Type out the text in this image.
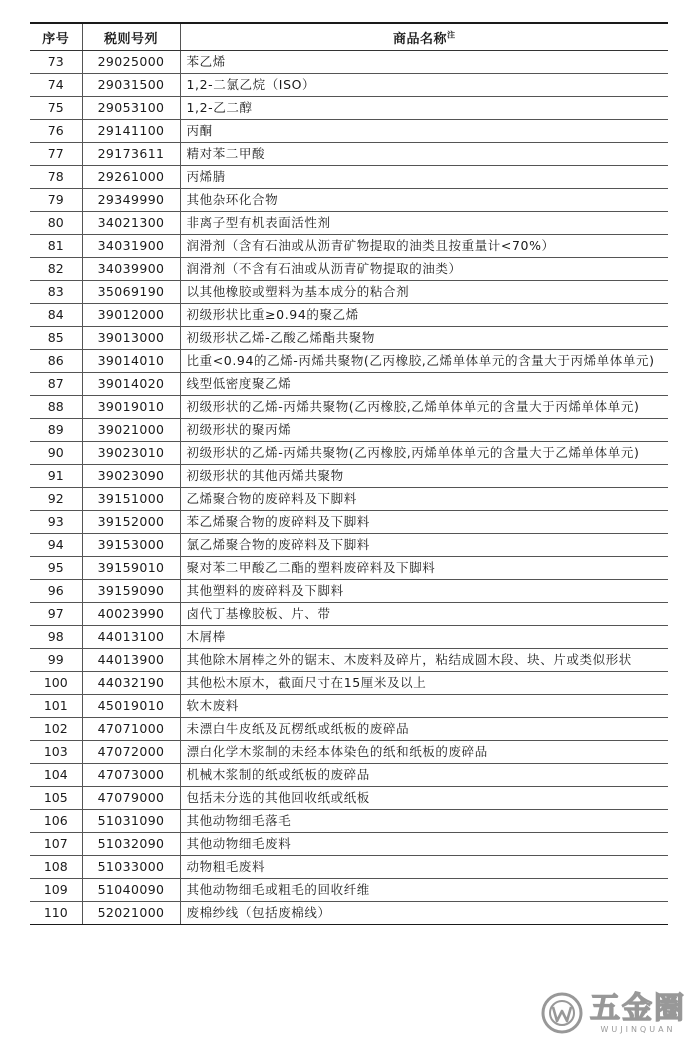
序号	税则号列	商品名称$^注$
73	29025000	苯乙烯
74	29031500	1,2-二氯乙烷（ISO）
75	29053100	1,2-乙二醇
76	29141100	丙酮
77	29173611	精对苯二甲酸
78	29261000	丙烯腈
79	29349990	其他杂环化合物
80	34021300	非离子型有机表面活性剂
81	34031900	润滑剂（含有石油或从沥青矿物提取的油类且按重量计<70%）
82	34039900	润滑剂（不含有石油或从沥青矿物提取的油类）
83	35069190	以其他橡胶或塑料为基本成分的粘合剂
84	39012000	初级形状比重≥0.94的聚乙烯
85	39013000	初级形状乙烯-乙酸乙烯酯共聚物
86	39014010	比重<0.94的乙烯-丙烯共聚物(乙丙橡胶,乙烯单体单元的含量大于丙烯单体单元)
87	39014020	线型低密度聚乙烯
88	39019010	初级形状的乙烯-丙烯共聚物(乙丙橡胶,乙烯单体单元的含量大于丙烯单体单元)
89	39021000	初级形状的聚丙烯
90	39023010	初级形状的乙烯-丙烯共聚物(乙丙橡胶,丙烯单体单元的含量大于乙烯单体单元)
91	39023090	初级形状的其他丙烯共聚物
92	39151000	乙烯聚合物的废碎料及下脚料
93	39152000	苯乙烯聚合物的废碎料及下脚料
94	39153000	氯乙烯聚合物的废碎料及下脚料
95	39159010	聚对苯二甲酸乙二酯的塑料废碎料及下脚料
96	39159090	其他塑料的废碎料及下脚料
97	40023990	卤代丁基橡胶板、片、带
98	44013100	木屑棒
99	44013900	其他除木屑棒之外的锯末、木废料及碎片，粘结成圆木段、块、片或类似形状
100	44032190	其他松木原木，截面尺寸在15厘米及以上
101	45019010	软木废料
102	47071000	未漂白牛皮纸及瓦楞纸或纸板的废碎品
103	47072000	漂白化学木浆制的未经本体染色的纸和纸板的废碎品
104	47073000	机械木浆制的纸或纸板的废碎品
105	47079000	包括未分选的其他回收纸或纸板
106	51031090	其他动物细毛落毛
107	51032090	其他动物细毛废料
108	51033000	动物粗毛废料
109	51040090	其他动物细毛或粗毛的回收纤维
110	52021000	废棉纱线（包括废棉线）
五金圈
WUJINQUAN
